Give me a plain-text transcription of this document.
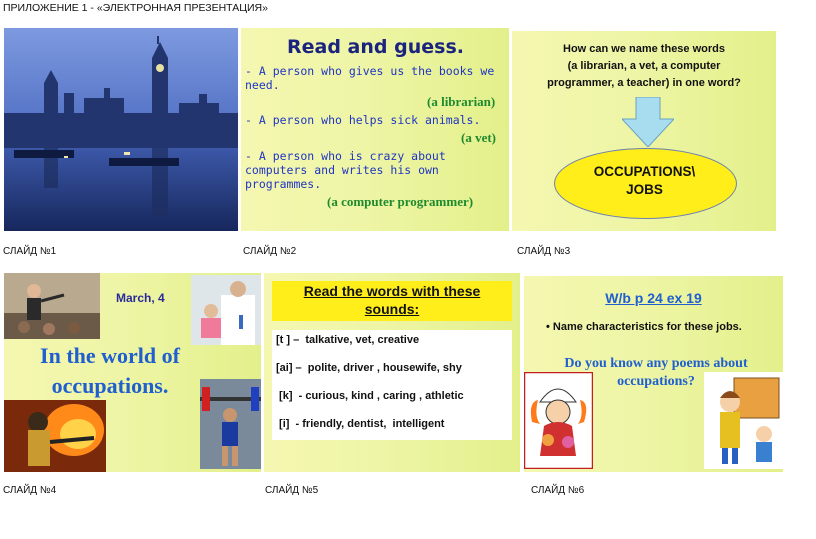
ПРИЛОЖЕНИЕ 1 - «ЭЛЕКТРОННАЯ ПРЕЗЕНТАЦИЯ»
СЛАЙД №1
Read and guess.
- A person who gives us the books we need.
(a librarian)
- A person who helps sick animals.
(a vet)
- A person who is crazy about computers and writes his own programmes.
(a computer programmer)
СЛАЙД №2
How can we name these words
(a librarian, a vet, a computer
programmer, a teacher) in one word?
OCCUPATIONS\
JOBS
СЛАЙД №3
March, 4
In the world of
occupations.
СЛАЙД №4
Read the words with these
sounds:
[t ] –  talkative, vet, creative
[ai] –  polite, driver , housewife, shy
[k]  - curious, kind , caring , athletic
[i]  - friendly, dentist,  intelligent
СЛАЙД №5
W/b p 24 ex 19
• Name characteristics for these jobs.
Do you know any poems about
occupations?
СЛАЙД №6
